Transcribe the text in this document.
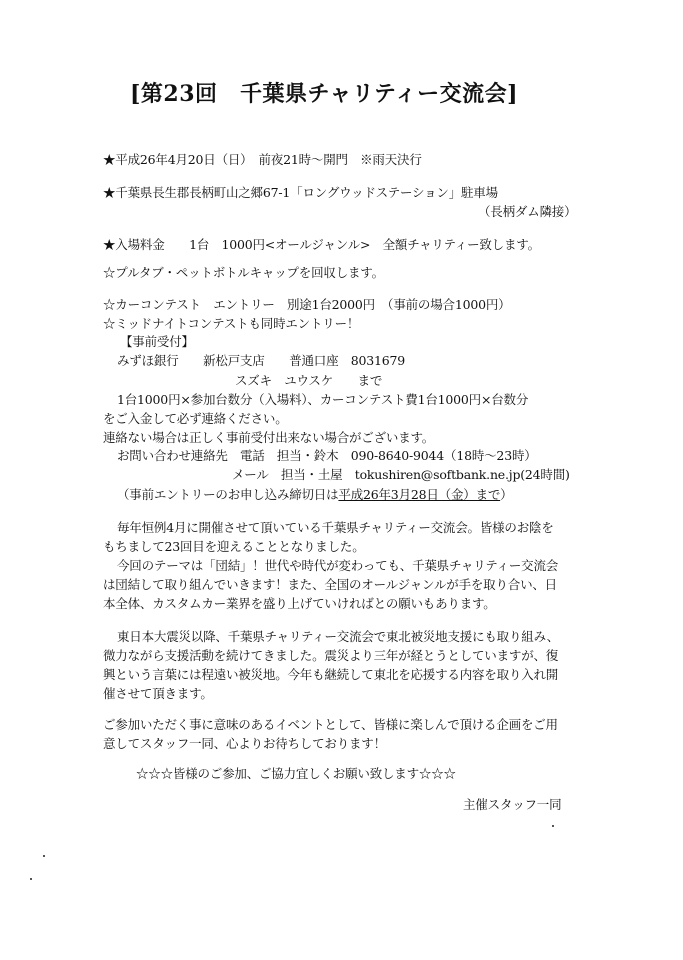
[第23回　千葉県チャリティー交流会]
★平成26年4月20日（日）　前夜21時～開門　※雨天決行
★千葉県長生郡長柄町山之郷67-1「ロングウッドステーション」駐車場
（長柄ダム隣接）
★入場料金　　1台　1000円<オールジャンル>　全額チャリティー致します。
☆プルタブ・ペットボトルキャップを回収します。
☆カーコンテスト　エントリー　別途1台2000円　（事前の場合1000円）
☆ミッドナイトコンテストも同時エントリー！
【事前受付】
みずほ銀行　　新松戸支店　　普通口座　8031679
スズキ　ユウスケ　　まで
1台1000円×参加台数分（入場料）、カーコンテスト費1台1000円×台数分
をご入金して必ず連絡ください。
連絡ない場合は正しく事前受付出来ない場合がございます。
お問い合わせ連絡先　電話　担当・鈴木　090-8640-9044（18時～23時）
メール　担当・土屋　tokushiren@softbank.ne.jp(24時間)
（事前エントリーのお申し込み締切日は平成26年3月28日（金）まで）
毎年恒例4月に開催させて頂いている千葉県チャリティー交流会。皆様のお陰を
もちまして23回目を迎えることとなりました。
今回のテーマは「団結」！世代や時代が変わっても、千葉県チャリティー交流会
は団結して取り組んでいきます！また、全国のオールジャンルが手を取り合い、日
本全体、カスタムカー業界を盛り上げていければとの願いもあります。
東日本大震災以降、千葉県チャリティー交流会で東北被災地支援にも取り組み、
微力ながら支援活動を続けてきました。震災より三年が経とうとしていますが、復
興という言葉には程遠い被災地。今年も継続して東北を応援する内容を取り入れ開
催させて頂きます。
ご参加いただく事に意味のあるイベントとして、皆様に楽しんで頂ける企画をご用
意してスタッフ一同、心よりお待ちしております！
☆☆☆皆様のご参加、ご協力宜しくお願い致します☆☆☆
主催スタッフ一同
